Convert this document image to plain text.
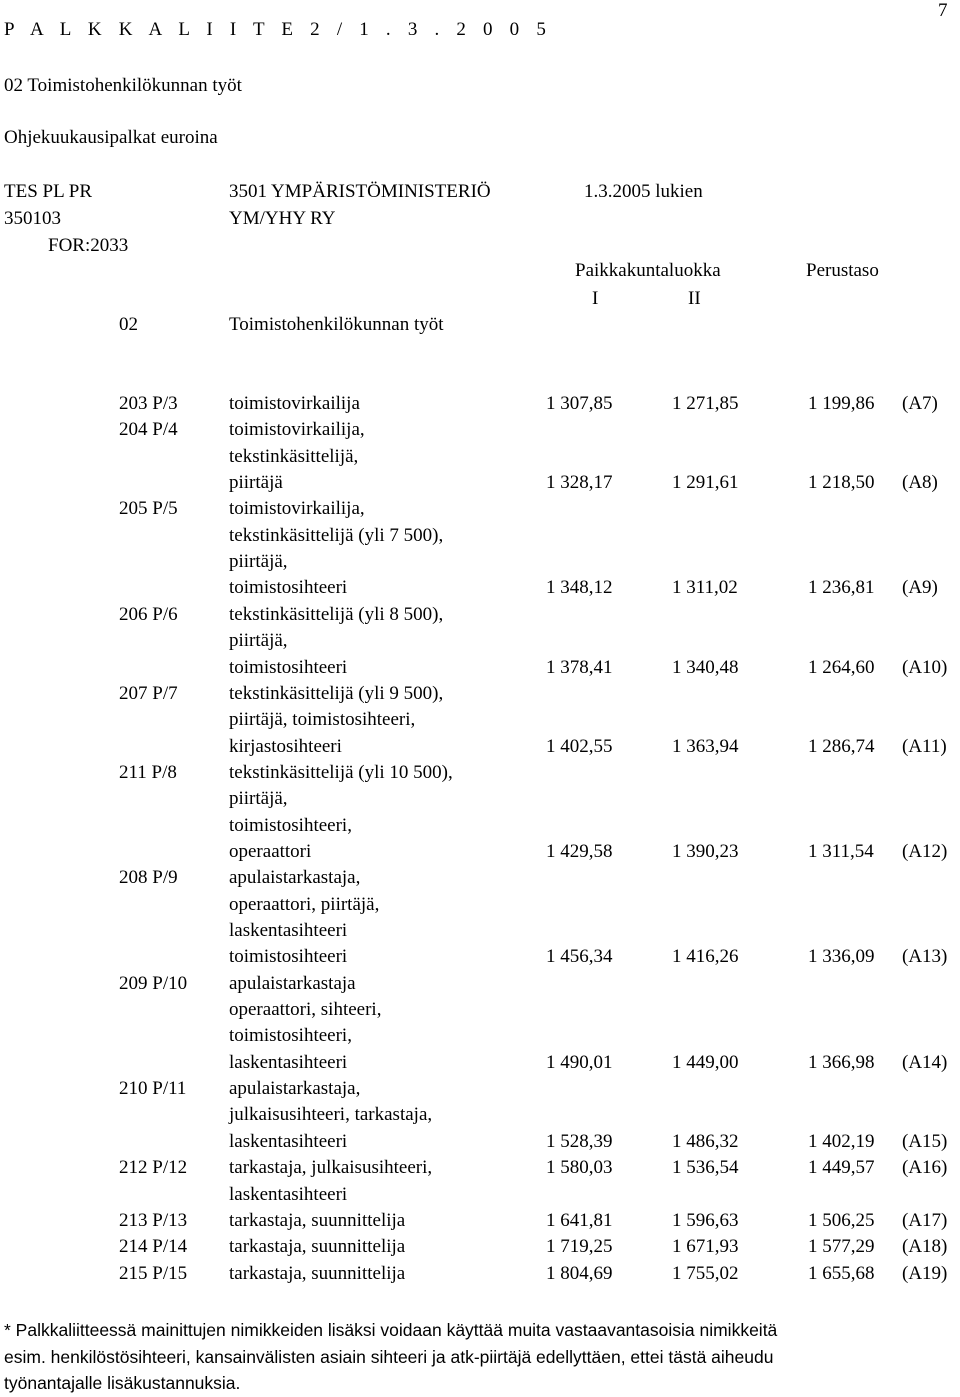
P A L K K A L I I T E 2 / 1 . 3 . 2 0 0 5
7
02 Toimistohenkilökunnan työt
Ohjekuukausipalkat euroina
TES PL PR	3501 YMPÄRISTÖMINISTERIÖ	1.3.2005 lukien
350103	YM/YHY RY
FOR:2033
Paikkakuntaluokka	Perustaso
I	II
02	Toimistohenkilökunnan työt
203 P/3	toimistovirkailija	1 307,85	1 271,85	1 199,86 (A7)
204 P/4	toimistovirkailija,
tekstinkäsittelijä,
piirtäjä	1 328,17	1 291,61	1 218,50 (A8)
205 P/5	toimistovirkailija,
tekstinkäsittelijä (yli 7 500),
piirtäjä,
toimistosihteeri	1 348,12	1 311,02	1 236,81 (A9)
206 P/6	tekstinkäsittelijä (yli 8 500),
piirtäjä,
toimistosihteeri	1 378,41	1 340,48	1 264,60 (A10)
207 P/7	tekstinkäsittelijä (yli 9 500),
piirtäjä, toimistosihteeri,
kirjastosihteeri	1 402,55	1 363,94	1 286,74 (A11)
211 P/8	tekstinkäsittelijä (yli 10 500),
piirtäjä,
toimistosihteeri,
operaattori	1 429,58	1 390,23	1 311,54 (A12)
208 P/9	apulaistarkastaja,
operaattori, piirtäjä,
laskentasihteeri
toimistosihteeri	1 456,34	1 416,26	1 336,09 (A13)
209 P/10 apulaistarkastaja
operaattori, sihteeri,
toimistosihteeri,
laskentasihteeri	1 490,01	1 449,00	1 366,98 (A14)
210 P/11 apulaistarkastaja,
julkaisusihteeri, tarkastaja,
laskentasihteeri	1 528,39	1 486,32	1 402,19 (A15)
212 P/12 tarkastaja, julkaisusihteeri,	1 580,03	1 536,54	1 449,57 (A16)
laskentasihteeri
213 P/13 tarkastaja, suunnittelija	1 641,81	1 596,63	1 506,25 (A17)
214 P/14 tarkastaja, suunnittelija	1 719,25	1 671,93	1 577,29 (A18)
215 P/15 tarkastaja, suunnittelija	1 804,69	1 755,02	1 655,68 (A19)
* Palkkaliitteessä mainittujen nimikkeiden lisäksi voidaan käyttää muita vastaavantasoisia nimikkeitä
esim. henkilöstösihteeri, kansainvälisten asiain sihteeri ja atk-piirtäjä edellyttäen, ettei tästä aiheudu
työnantajalle lisäkustannuksia.
